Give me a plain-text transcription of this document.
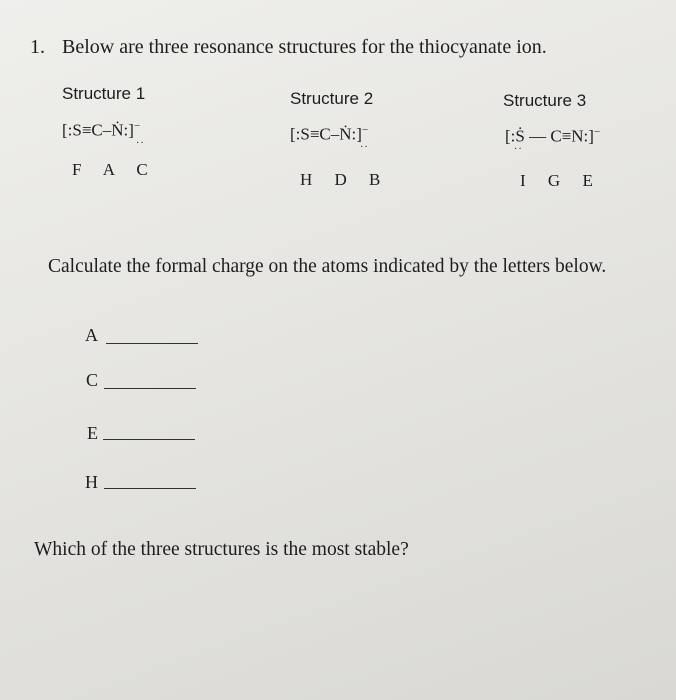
1. Below are three resonance structures for the thiocyanate ion.
Structure 1
[:S≡C–Ṅ:]−
··
F A C
Structure 2
[:S≡C–Ṅ:]−
··
H D B
Structure 3
[:Ṡ — C≡N:]−
··
I G E
Calculate the formal charge on the atoms indicated by the letters below.
A
C
E
H
Which of the three structures is the most stable?
